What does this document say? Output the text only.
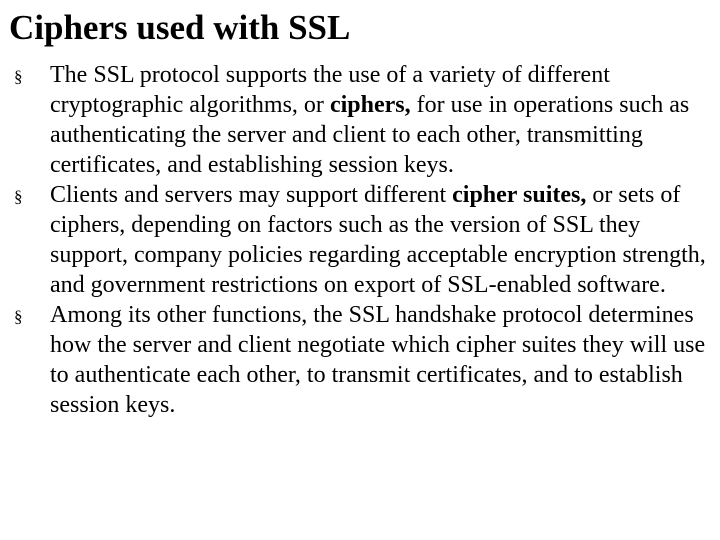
Ciphers used with SSL
§ The SSL protocol supports the use of a variety of different cryptographic algorithms, or ciphers, for use in operations such as authenticating the server and client to each other, transmitting certificates, and establishing session keys.
§ Clients and servers may support different cipher suites, or sets of ciphers, depending on factors such as the version of SSL they support, company policies regarding acceptable encryption strength, and government restrictions on export of SSL-enabled software.
§ Among its other functions, the SSL handshake protocol determines how the server and client negotiate which cipher suites they will use to authenticate each other, to transmit certificates, and to establish session keys.
